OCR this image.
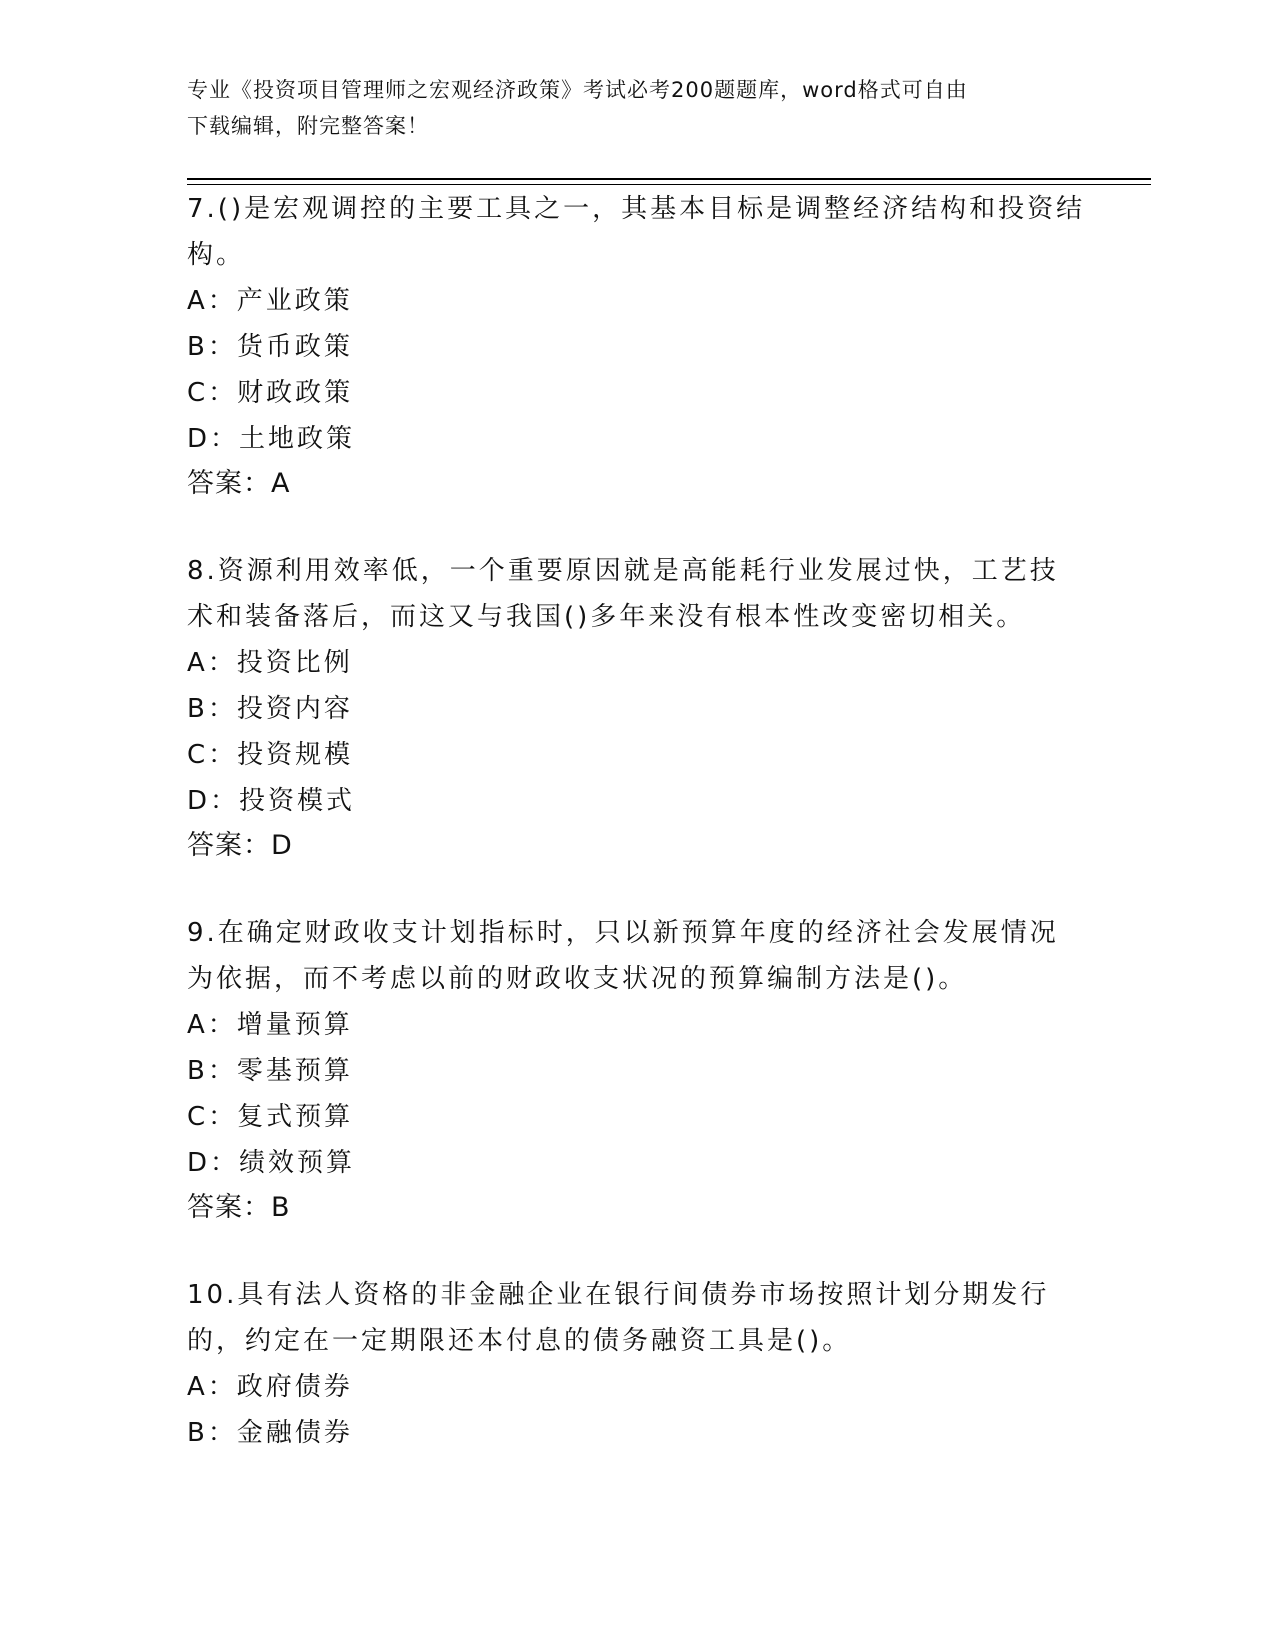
专业《投资项目管理师之宏观经济政策》考试必考200题题库，word格式可自由
下载编辑，附完整答案！

7.()是宏观调控的主要工具之一，其基本目标是调整经济结构和投资结构。

A：产业政策

B：货币政策

C：财政政策

D：土地政策

答案：A

8.资源利用效率低，一个重要原因就是高能耗行业发展过快，工艺技术和装备落后，而这又与我国()多年来没有根本性改变密切相关。

A：投资比例

B：投资内容

C：投资规模

D：投资模式

答案：D

9.在确定财政收支计划指标时，只以新预算年度的经济社会发展情况为依据，而不考虑以前的财政收支状况的预算编制方法是()。

A：增量预算

B：零基预算

C：复式预算

D：绩效预算

答案：B

10.具有法人资格的非金融企业在银行间债券市场按照计划分期发行的，约定在一定期限还本付息的债务融资工具是()。

A：政府债券

B：金融债券
